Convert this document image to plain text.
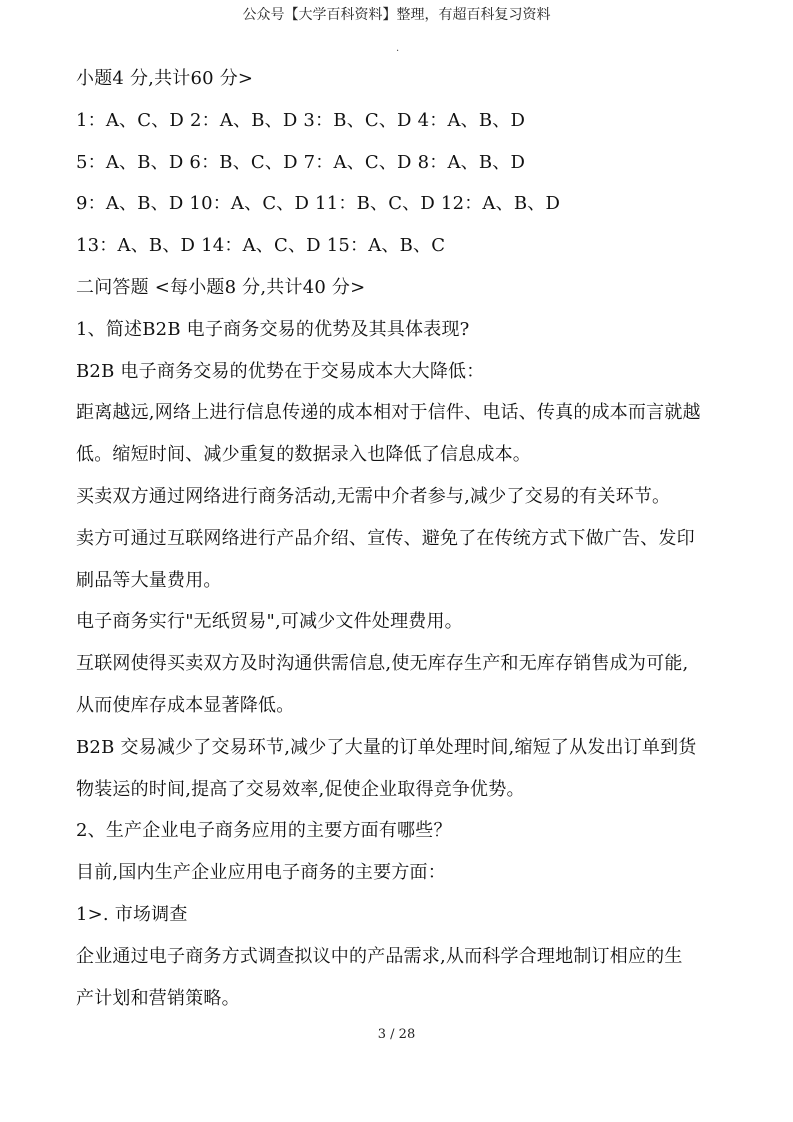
公众号【大学百科资料】整理，有超百科复习资料
.
小题4 分,共计60 分>
1：A、C、D 2：A、B、D 3：B、C、D 4：A、B、D
5：A、B、D 6：B、C、D 7：A、C、D 8：A、B、D
9：A、B、D 10：A、C、D 11：B、C、D 12：A、B、D
13：A、B、D 14：A、C、D 15：A、B、C
二问答题 <每小题8 分,共计40 分>
1、简述B2B 电子商务交易的优势及其具体表现?
B2B 电子商务交易的优势在于交易成本大大降低：
距离越远,网络上进行信息传递的成本相对于信件、电话、传真的成本而言就越
低。缩短时间、减少重复的数据录入也降低了信息成本。
买卖双方通过网络进行商务活动,无需中介者参与,减少了交易的有关环节。
卖方可通过互联网络进行产品介绍、宣传、避免了在传统方式下做广告、发印
刷品等大量费用。
电子商务实行"无纸贸易",可减少文件处理费用。
互联网使得买卖双方及时沟通供需信息,使无库存生产和无库存销售成为可能,
从而使库存成本显著降低。
B2B 交易减少了交易环节,减少了大量的订单处理时间,缩短了从发出订单到货
物装运的时间,提高了交易效率,促使企业取得竞争优势。
2、生产企业电子商务应用的主要方面有哪些？
目前,国内生产企业应用电子商务的主要方面：
1>. 市场调查
企业通过电子商务方式调查拟议中的产品需求,从而科学合理地制订相应的生
产计划和营销策略。
3 / 28
